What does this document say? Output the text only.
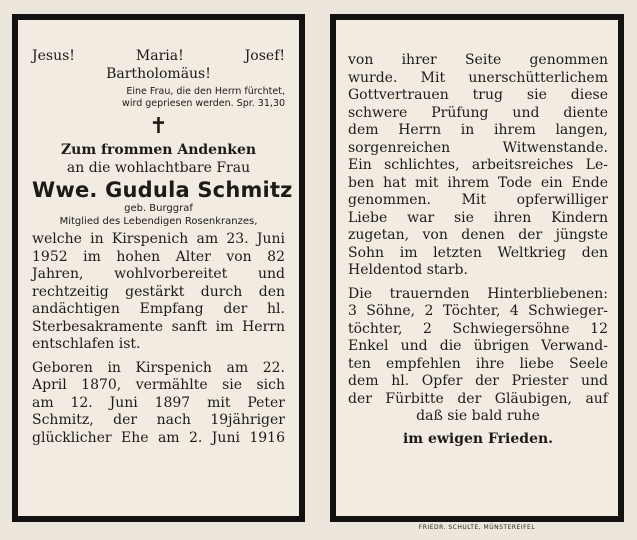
Jesus!	Maria!	Josef!

Bartholomäus!

Eine Frau, die den Herrn fürchtet,

wird gepriesen werden. Spr. 31,30

✝

Zum frommen Andenken

an die wohlachtbare Frau

Wwe. Gudula Schmitz

geb. Burggraf

Mitglied des Lebendigen Rosenkranzes,

welche in Kirspenich am 23. Juni

1952 im hohen Alter von 82

Jahren, wohlvorbereitet und

rechtzeitig gestärkt durch den

andächtigen Empfang der hl.

Sterbesakramente sanft im Herrn

entschlafen ist.

Geboren in Kirspenich am 22.

April 1870, vermählte sie sich

am 12. Juni 1897 mit Peter

Schmitz, der nach 19jähriger

glücklicher Ehe am 2. Juni 1916

von ihrer Seite genommen

wurde. Mit unerschütterlichem

Gottvertrauen trug sie diese

schwere Prüfung und diente

dem Herrn in ihrem langen,

sorgenreichen Witwenstande.

Ein schlichtes, arbeitsreiches Le-

ben hat mit ihrem Tode ein Ende

genommen. Mit opferwilliger

Liebe war sie ihren Kindern

zugetan, von denen der jüngste

Sohn im letzten Weltkrieg den

Heldentod starb.

Die trauernden Hinterbliebenen:

3 Söhne, 2 Töchter, 4 Schwieger-

töchter, 2 Schwiegersöhne 12

Enkel und die übrigen Verwand-

ten empfehlen ihre liebe Seele

dem hl. Opfer der Priester und

der Fürbitte der Gläubigen, auf

daß sie bald ruhe

im ewigen Frieden.

FRIEDR. SCHULTE, MÜNSTEREIFEL
